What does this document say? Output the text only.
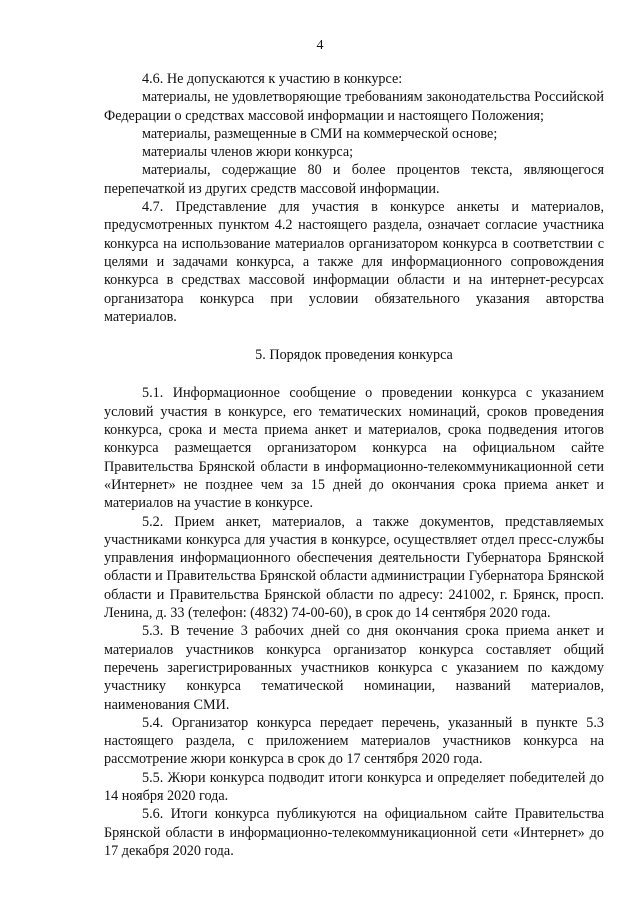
4

4.6. Не допускаются к участию в конкурсе:

материалы, не удовлетворяющие требованиям законодательства Российской Федерации о средствах массовой информации и настоящего Положения;

материалы, размещенные в СМИ на коммерческой основе;

материалы членов жюри конкурса;

материалы, содержащие 80 и более процентов текста, являющегося перепечаткой из других средств массовой информации.

4.7. Представление для участия в конкурсе анкеты и материалов, предусмотренных пунктом 4.2 настоящего раздела, означает согласие участника конкурса на использование материалов организатором конкурса в соответствии с целями и задачами конкурса, а также для информационного сопровождения конкурса в средствах массовой информации области и на интернет-ресурсах организатора конкурса при условии обязательного указания авторства материалов.

5. Порядок проведения конкурса

5.1. Информационное сообщение о проведении конкурса с указанием условий участия в конкурсе, его тематических номинаций, сроков проведения конкурса, срока и места приема анкет и материалов, срока подведения итогов конкурса размещается организатором конкурса на официальном сайте Правительства Брянской области в информационно-телекоммуникационной сети «Интернет» не позднее чем за 15 дней до окончания срока приема анкет и материалов на участие в конкурсе.

5.2. Прием анкет, материалов, а также документов, представляемых участниками конкурса для участия в конкурсе, осуществляет отдел пресс-службы управления информационного обеспечения деятельности Губернатора Брянской области и Правительства Брянской области администрации Губернатора Брянской области и Правительства Брянской области по адресу: 241002, г. Брянск, просп. Ленина, д. 33 (телефон: (4832) 74-00-60), в срок до 14 сентября 2020 года.

5.3. В течение 3 рабочих дней со дня окончания срока приема анкет и материалов участников конкурса организатор конкурса составляет общий перечень зарегистрированных участников конкурса с указанием по каждому участнику конкурса тематической номинации, названий материалов, наименования СМИ.

5.4. Организатор конкурса передает перечень, указанный в пункте 5.3 настоящего раздела, с приложением материалов участников конкурса на рассмотрение жюри конкурса в срок до 17 сентября 2020 года.

5.5. Жюри конкурса подводит итоги конкурса и определяет победителей до 14 ноября 2020 года.

5.6. Итоги конкурса публикуются на официальном сайте Правительства Брянской области в информационно-телекоммуникационной сети «Интернет» до 17 декабря 2020 года.
